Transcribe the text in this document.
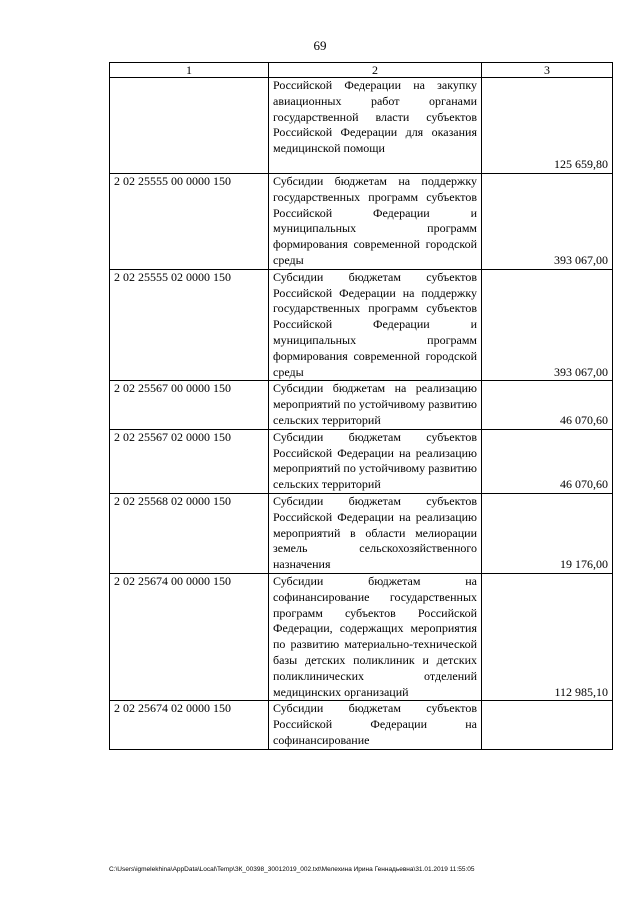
69
1	2	3
	Российской Федерации на закупку авиационных работ органами государственной власти субъектов Российской Федерации для оказания медицинской помощи	125 659,80
2 02 25555 00 0000 150	Субсидии бюджетам на поддержку государственных программ субъектов Российской Федерации и муниципальных программ формирования современной городской среды	393 067,00
2 02 25555 02 0000 150	Субсидии бюджетам субъектов Российской Федерации на поддержку государственных программ субъектов Российской Федерации и муниципальных программ формирования современной городской среды	393 067,00
2 02 25567 00 0000 150	Субсидии бюджетам на реализацию мероприятий по устойчивому развитию сельских территорий	46 070,60
2 02 25567 02 0000 150	Субсидии бюджетам субъектов Российской Федерации на реализацию мероприятий по устойчивому развитию сельских территорий	46 070,60
2 02 25568 02 0000 150	Субсидии бюджетам субъектов Российской Федерации на реализацию мероприятий в области мелиорации земель сельскохозяйственного назначения	19 176,00
2 02 25674 00 0000 150	Субсидии бюджетам на софинансирование государственных программ субъектов Российской Федерации, содержащих мероприятия по развитию материально-технической базы детских поликлиник и детских поликлинических отделений медицинских организаций	112 985,10
2 02 25674 02 0000 150	Субсидии бюджетам субъектов Российской Федерации на софинансирование	
C:\Users\igmelekhina\AppData\Local\Temp\ЗК_00398_30012019_002.txt\Мелехина Ирина Геннадьевна\31.01.2019 11:55:05
